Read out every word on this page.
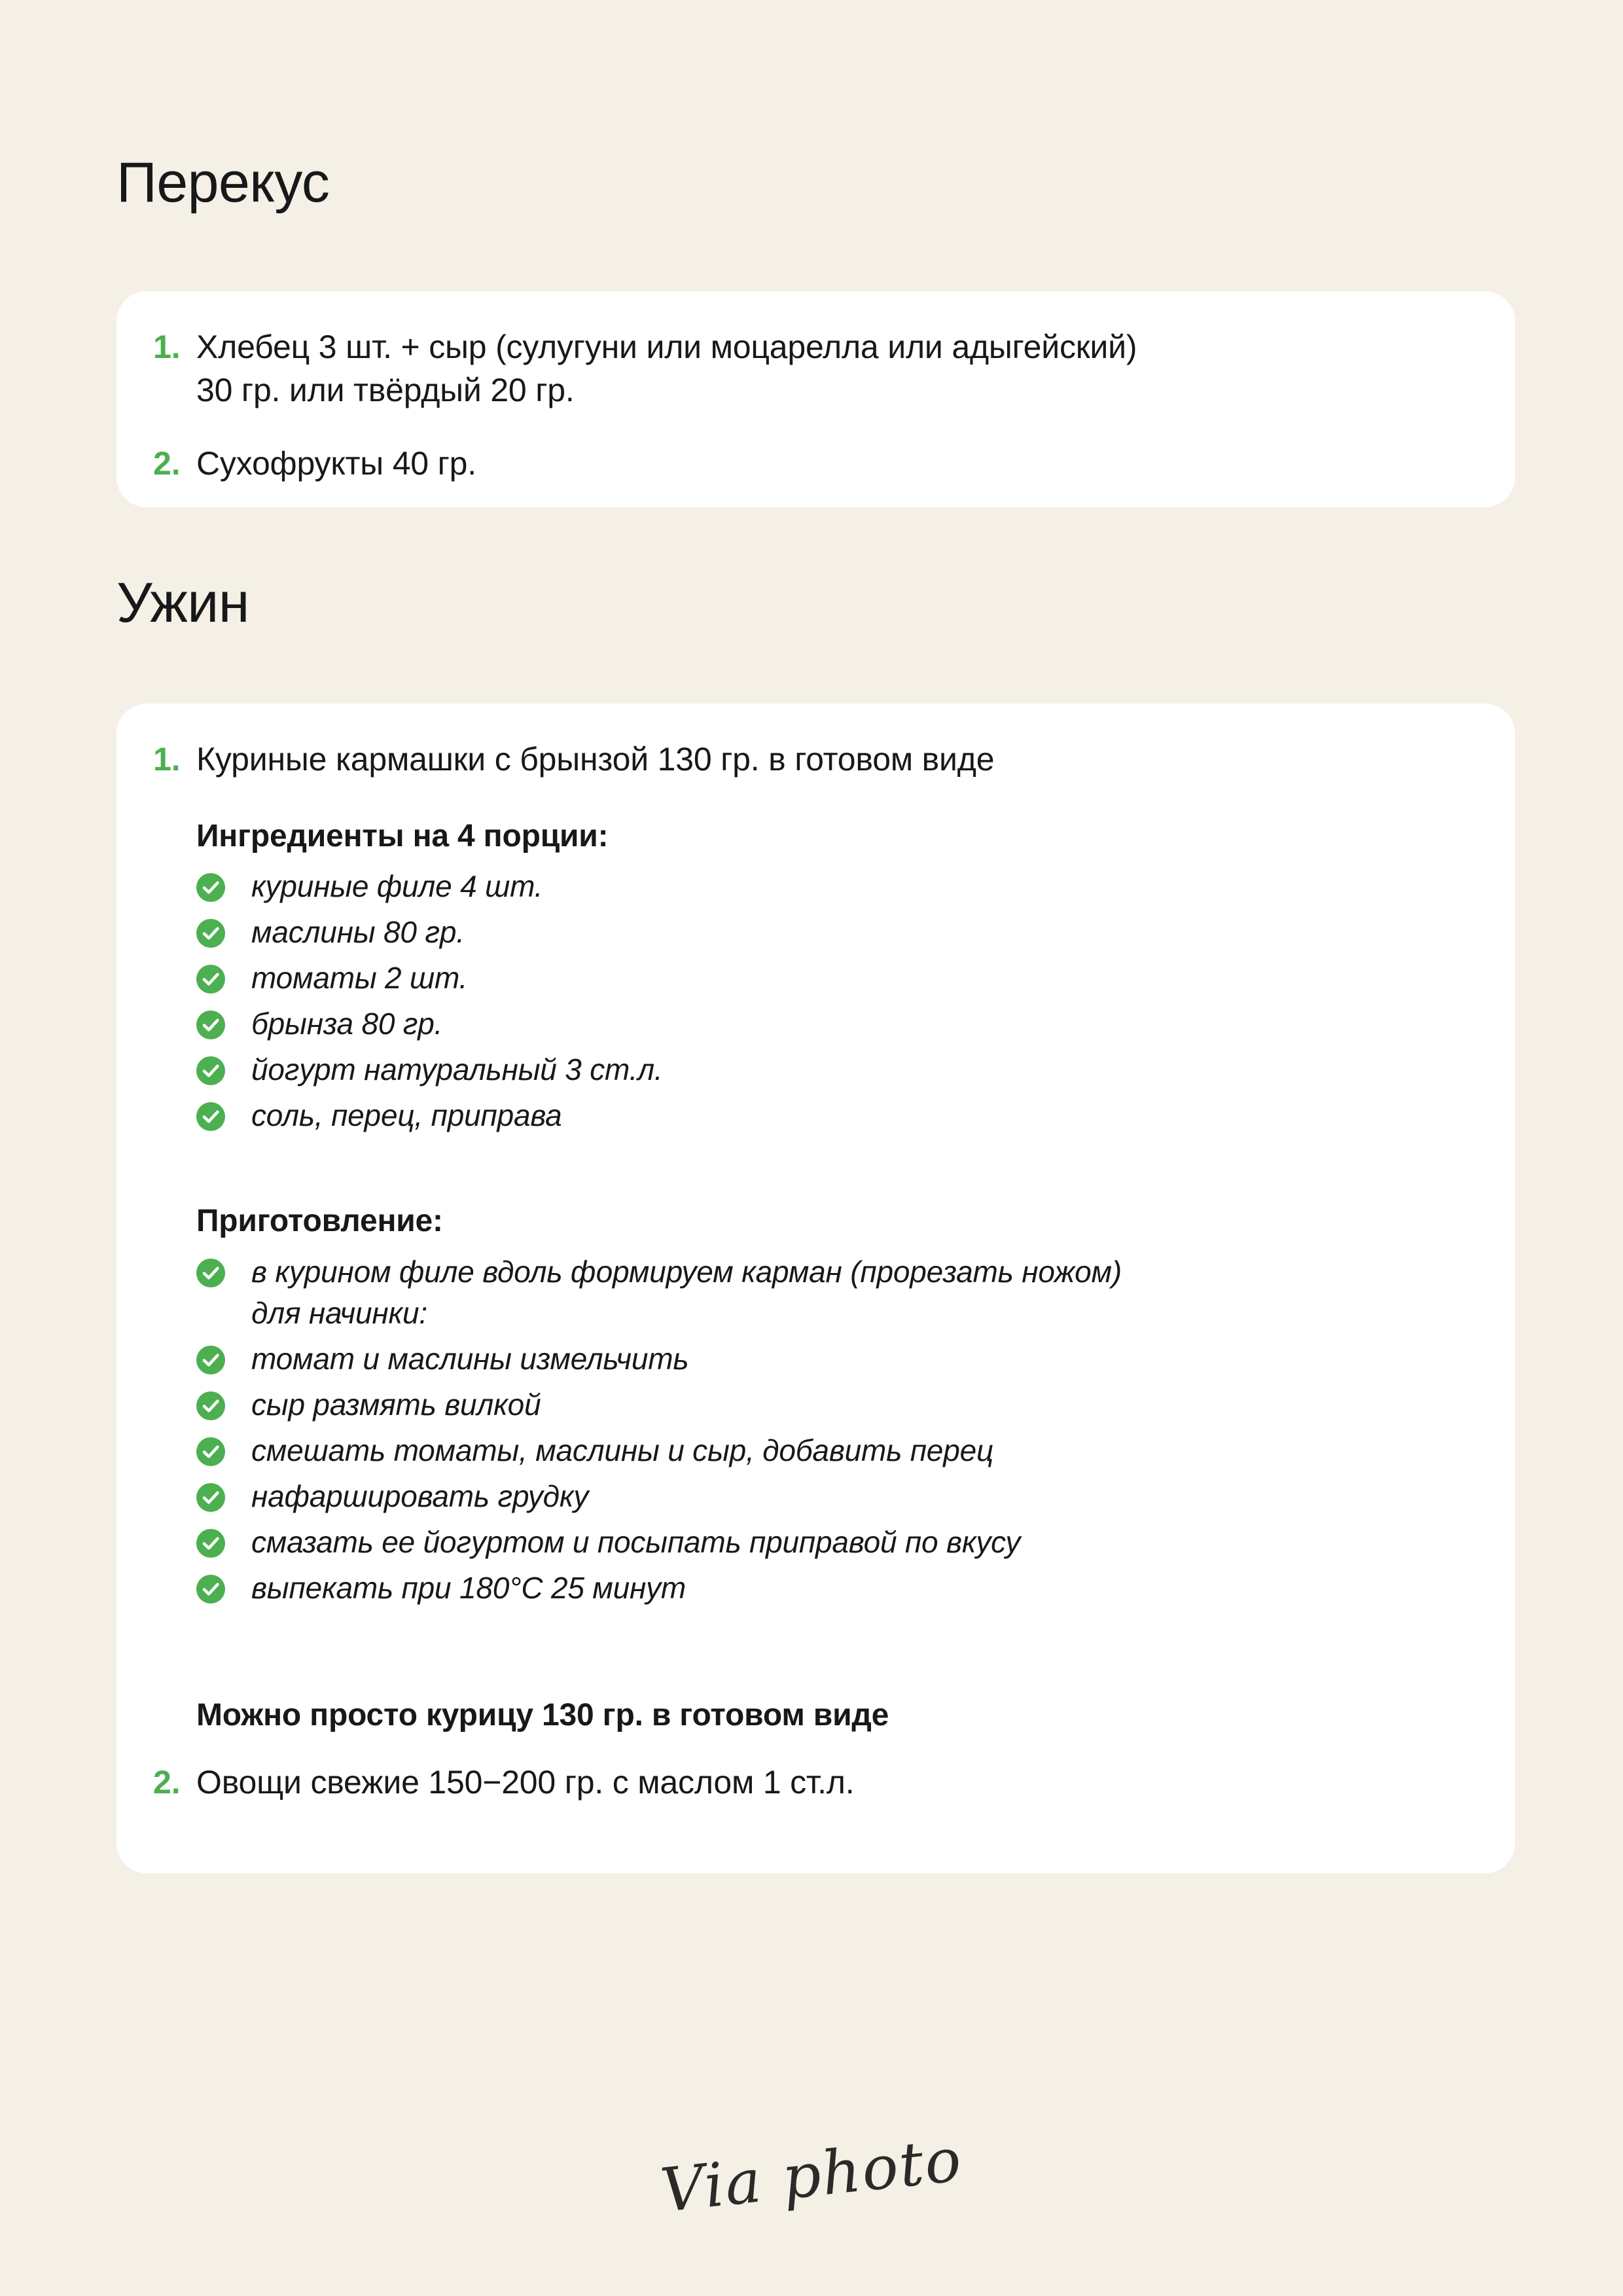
Перекус
1. Хлебец 3 шт. + сыр (сулугуни или моцарелла или адыгейский)
30 гр. или твёрдый 20 гр.
2. Сухофрукты 40 гр.
Ужин
1. Куриные кармашки с брынзой 130 гр. в готовом виде
Ингредиенты на 4 порции:
куриные филе 4 шт.
маслины 80 гр.
томаты 2 шт.
брынза 80 гр.
йогурт натуральный 3 ст.л.
соль, перец, приправа
Приготовление:
в курином филе вдоль формируем карман (прорезать ножом)
для начинки:
томат и маслины измельчить
сыр размять вилкой
смешать томаты, маслины и сыр, добавить перец
нафаршировать грудку
смазать ее йогуртом и посыпать приправой по вкусу
выпекать при 180°С 25 минут
Можно просто курицу 130 гр. в готовом виде
2. Овощи свежие 150−200 гр. с маслом 1 ст.л.
Via photo
